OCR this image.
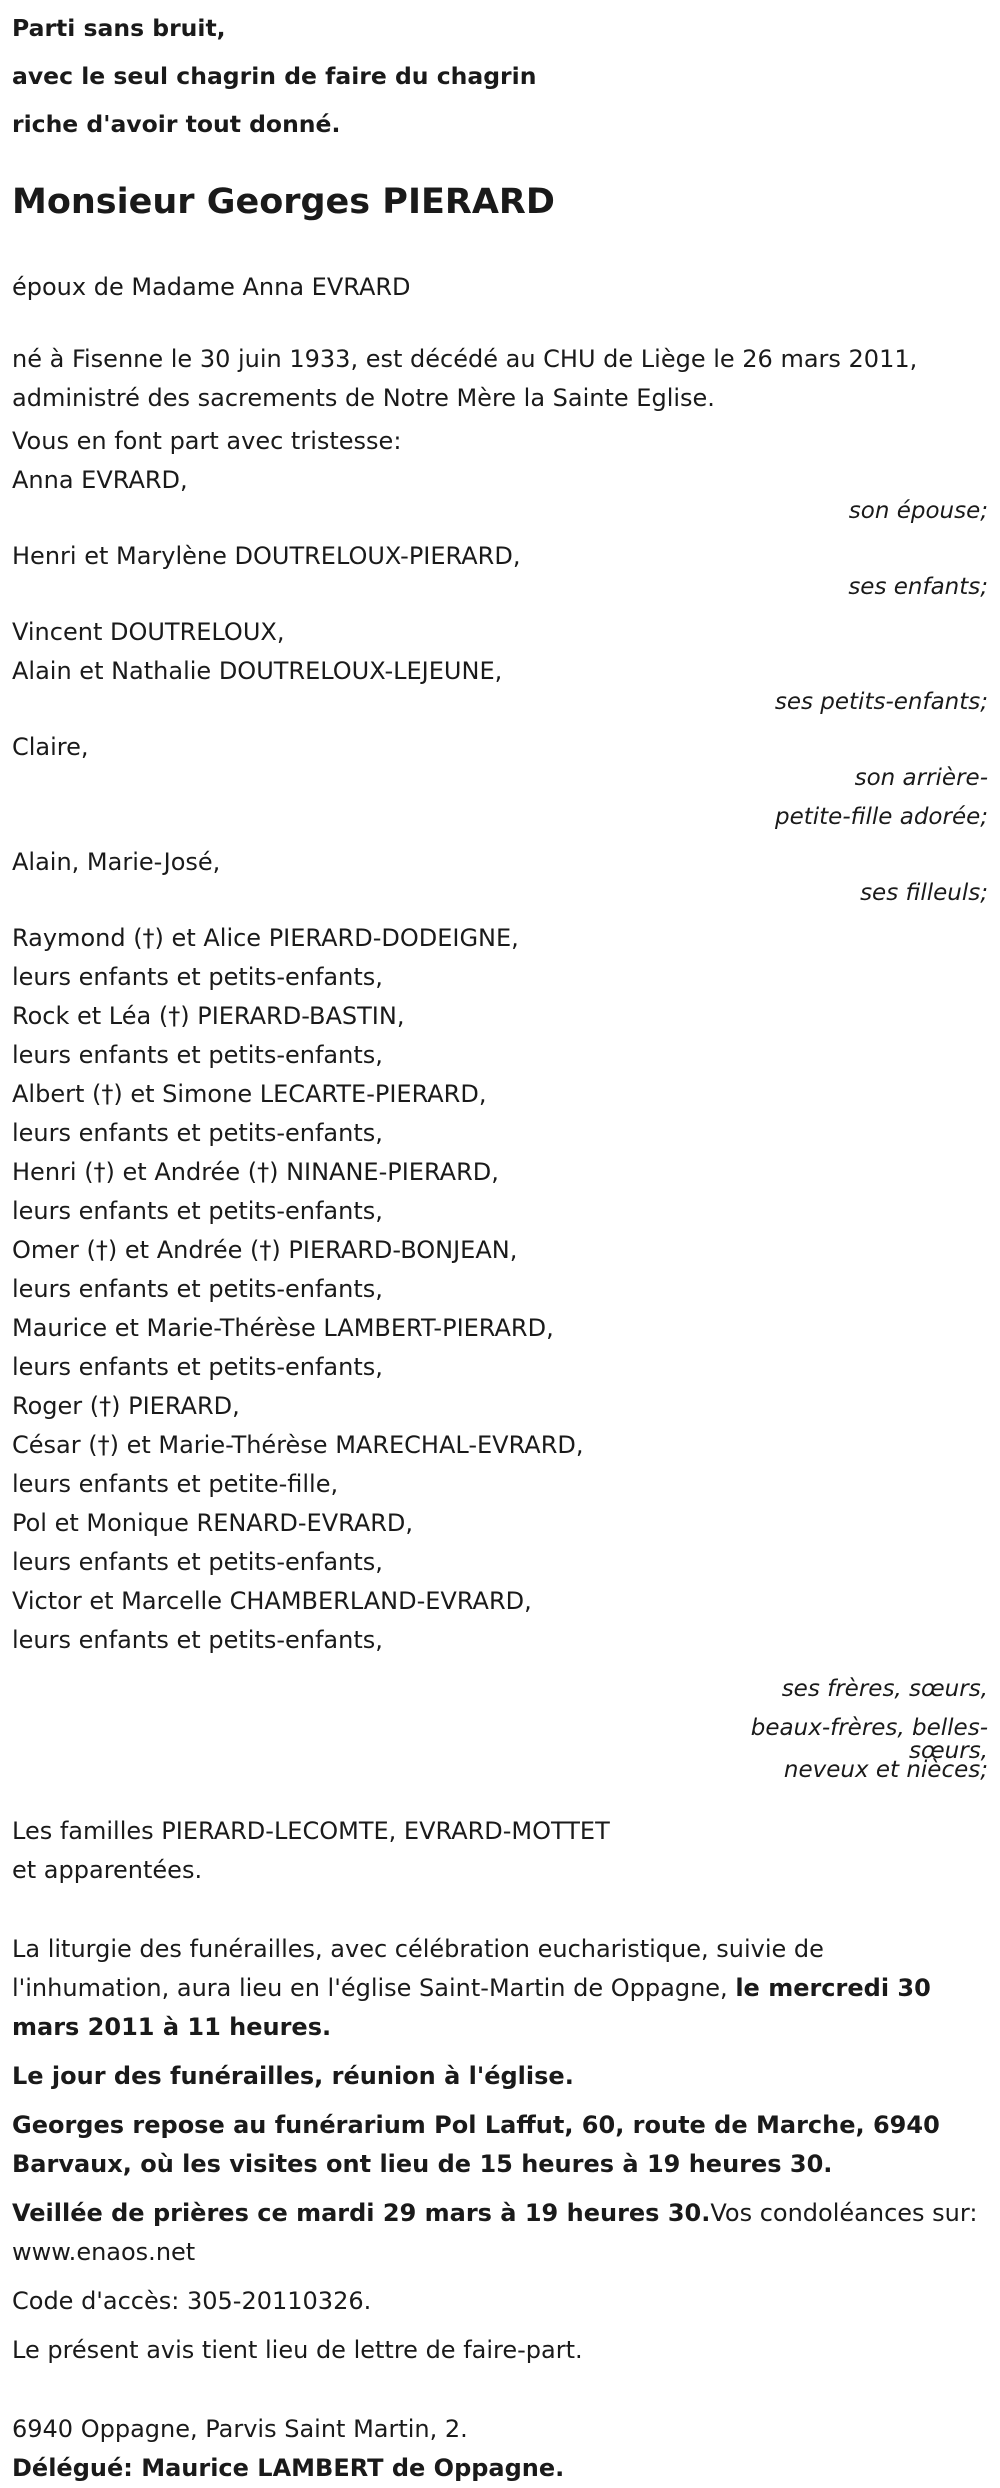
Parti sans bruit,

avec le seul chagrin de faire du chagrin

riche d'avoir tout donné.

Monsieur Georges PIERARD

époux de Madame Anna EVRARD

né à Fisenne le 30 juin 1933, est décédé au CHU de Liège le 26 mars 2011,

administré des sacrements de Notre Mère la Sainte Eglise.

Vous en font part avec tristesse:

Anna EVRARD,
son épouse;
Henri et Marylène DOUTRELOUX-PIERARD,
ses enfants;
Vincent DOUTRELOUX,
Alain et Nathalie DOUTRELOUX-LEJEUNE,
ses petits-enfants;
Claire,
son arrière-
petite-fille adorée;
Alain, Marie-José,
ses filleuls;
Raymond (†) et Alice PIERARD-DODEIGNE,
leurs enfants et petits-enfants,
Rock et Léa (†) PIERARD-BASTIN,
leurs enfants et petits-enfants,
Albert (†) et Simone LECARTE-PIERARD,
leurs enfants et petits-enfants,
Henri (†) et Andrée (†) NINANE-PIERARD,
leurs enfants et petits-enfants,
Omer (†) et Andrée (†) PIERARD-BONJEAN,
leurs enfants et petits-enfants,
Maurice et Marie-Thérèse LAMBERT-PIERARD,
leurs enfants et petits-enfants,
Roger (†) PIERARD,
César (†) et Marie-Thérèse MARECHAL-EVRARD,
leurs enfants et petite-fille,
Pol et Monique RENARD-EVRARD,
leurs enfants et petits-enfants,
Victor et Marcelle CHAMBERLAND-EVRARD,
leurs enfants et petits-enfants,
ses frères, sœurs,
beaux-frères, belles-
sœurs,
neveux et nièces;

Les familles PIERARD-LECOMTE, EVRARD-MOTTET

et apparentées.

La liturgie des funérailles, avec célébration eucharistique, suivie de l'inhumation, aura lieu en l'église Saint-Martin de Oppagne, le mercredi 30 mars 2011 à 11 heures.

Le jour des funérailles, réunion à l'église.

Georges repose au funérarium Pol Laffut, 60, route de Marche, 6940 Barvaux, où les visites ont lieu de 15 heures à 19 heures 30.

Veillée de prières ce mardi 29 mars à 19 heures 30.Vos condoléances sur: www.enaos.net

Code d'accès: 305-20110326.

Le présent avis tient lieu de lettre de faire-part.

6940 Oppagne, Parvis Saint Martin, 2.

Délégué: Maurice LAMBERT de Oppagne.
